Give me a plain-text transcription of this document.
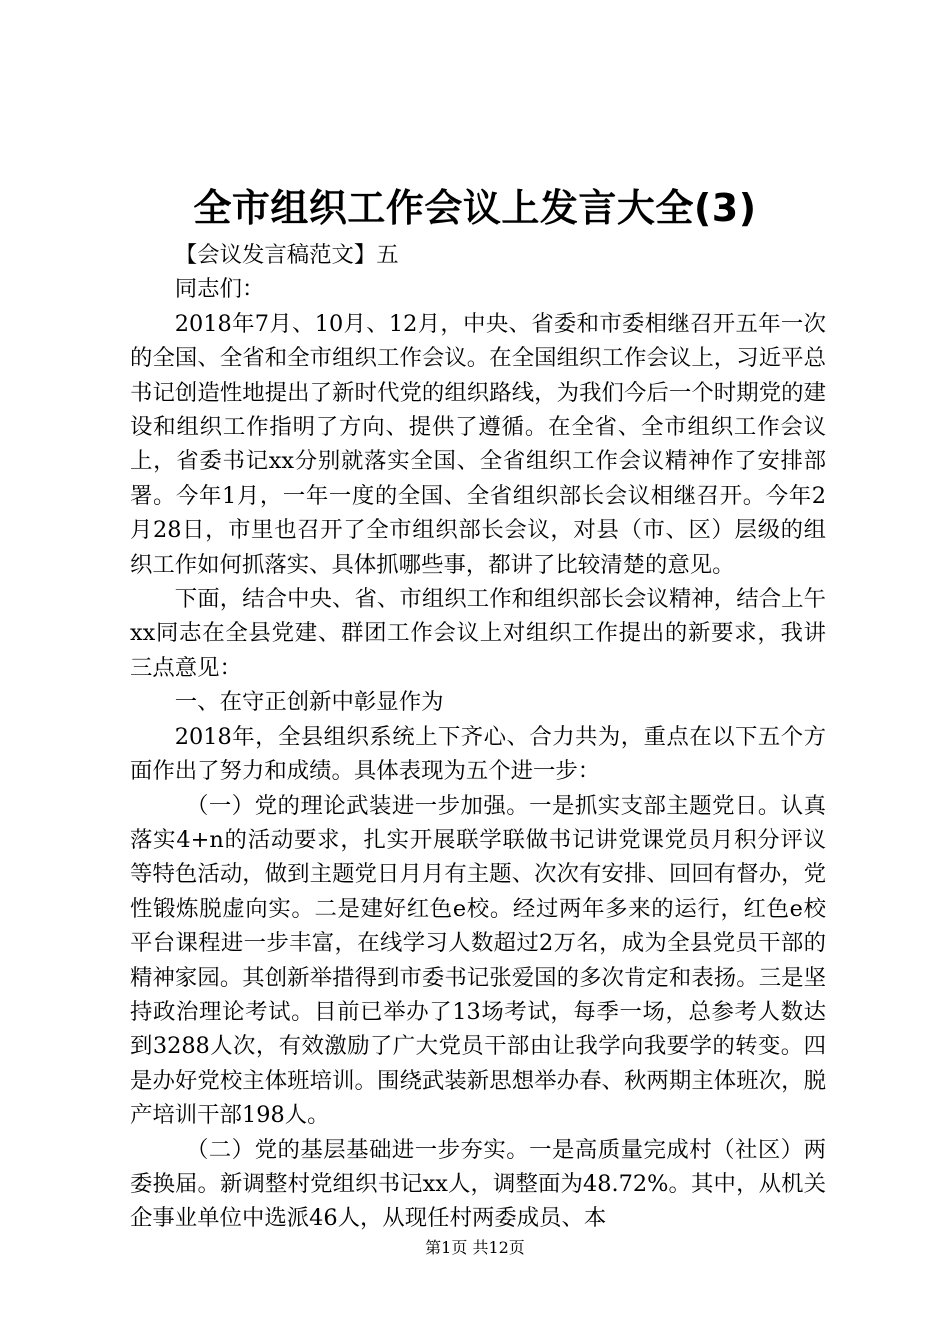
全市组织工作会议上发言大全(3)

【会议发言稿范文】五

同志们：

2018年7月、10月、12月，中央、省委和市委相继召开五年一次的全国、全省和全市组织工作会议。在全国组织工作会议上，习近平总书记创造性地提出了新时代党的组织路线，为我们今后一个时期党的建设和组织工作指明了方向、提供了遵循。在全省、全市组织工作会议上，省委书记xx分别就落实全国、全省组织工作会议精神作了安排部署。今年1月，一年一度的全国、全省组织部长会议相继召开。今年2月28日，市里也召开了全市组织部长会议，对县（市、区）层级的组织工作如何抓落实、具体抓哪些事，都讲了比较清楚的意见。

下面，结合中央、省、市组织工作和组织部长会议精神，结合上午xx同志在全县党建、群团工作会议上对组织工作提出的新要求，我讲三点意见：

一、在守正创新中彰显作为

2018年，全县组织系统上下齐心、合力共为，重点在以下五个方面作出了努力和成绩。具体表现为五个进一步：

（一）党的理论武装进一步加强。一是抓实支部主题党日。认真落实4+n的活动要求，扎实开展联学联做书记讲党课党员月积分评议等特色活动，做到主题党日月月有主题、次次有安排、回回有督办，党性锻炼脱虚向实。二是建好红色e校。经过两年多来的运行，红色e校平台课程进一步丰富，在线学习人数超过2万名，成为全县党员干部的精神家园。其创新举措得到市委书记张爱国的多次肯定和表扬。三是坚持政治理论考试。目前已举办了13场考试，每季一场，总参考人数达到3288人次，有效激励了广大党员干部由让我学向我要学的转变。四是办好党校主体班培训。围绕武装新思想举办春、秋两期主体班次，脱产培训干部198人。

（二）党的基层基础进一步夯实。一是高质量完成村（社区）两委换届。新调整村党组织书记xx人，调整面为48.72%。其中，从机关企事业单位中选派46人，从现任村两委成员、本

第1页 共12页
